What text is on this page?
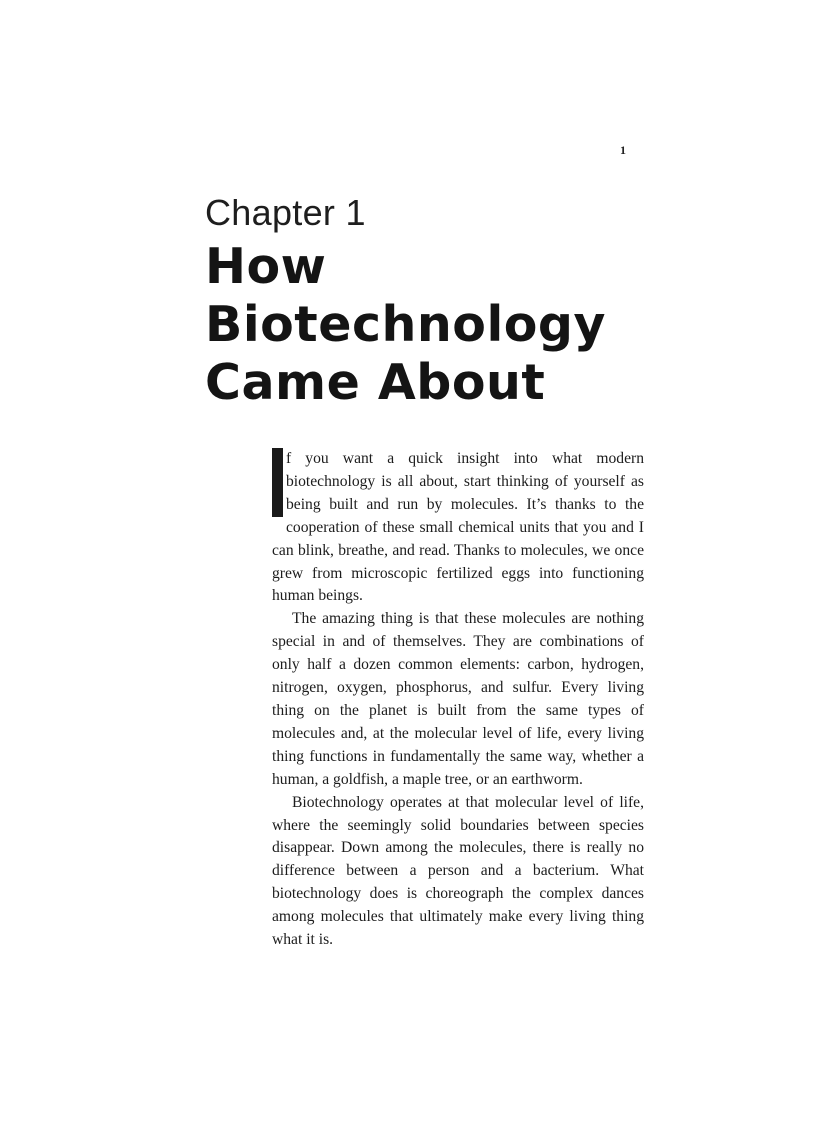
1
Chapter 1
How Biotechnology
Came About

f you want a quick insight into what modern biotechnology is all about, start thinking of yourself as being built and run by molecules. It’s thanks to the cooperation of these small chemical units that you and I can blink, breathe, and read. Thanks to molecules, we once grew from microscopic fertilized eggs into functioning human beings.

The amazing thing is that these molecules are nothing special in and of themselves. They are combinations of only half a dozen common elements: carbon, hydrogen, nitrogen, oxygen, phosphorus, and sulfur. Every living thing on the planet is built from the same types of molecules and, at the molecular level of life, every living thing functions in fundamentally the same way, whether a human, a goldfish, a maple tree, or an earthworm.

Biotechnology operates at that molecular level of life, where the seemingly solid boundaries between species disappear. Down among the molecules, there is really no difference between a person and a bacterium. What biotechnology does is choreograph the complex dances among molecules that ultimately make every living thing what it is.
